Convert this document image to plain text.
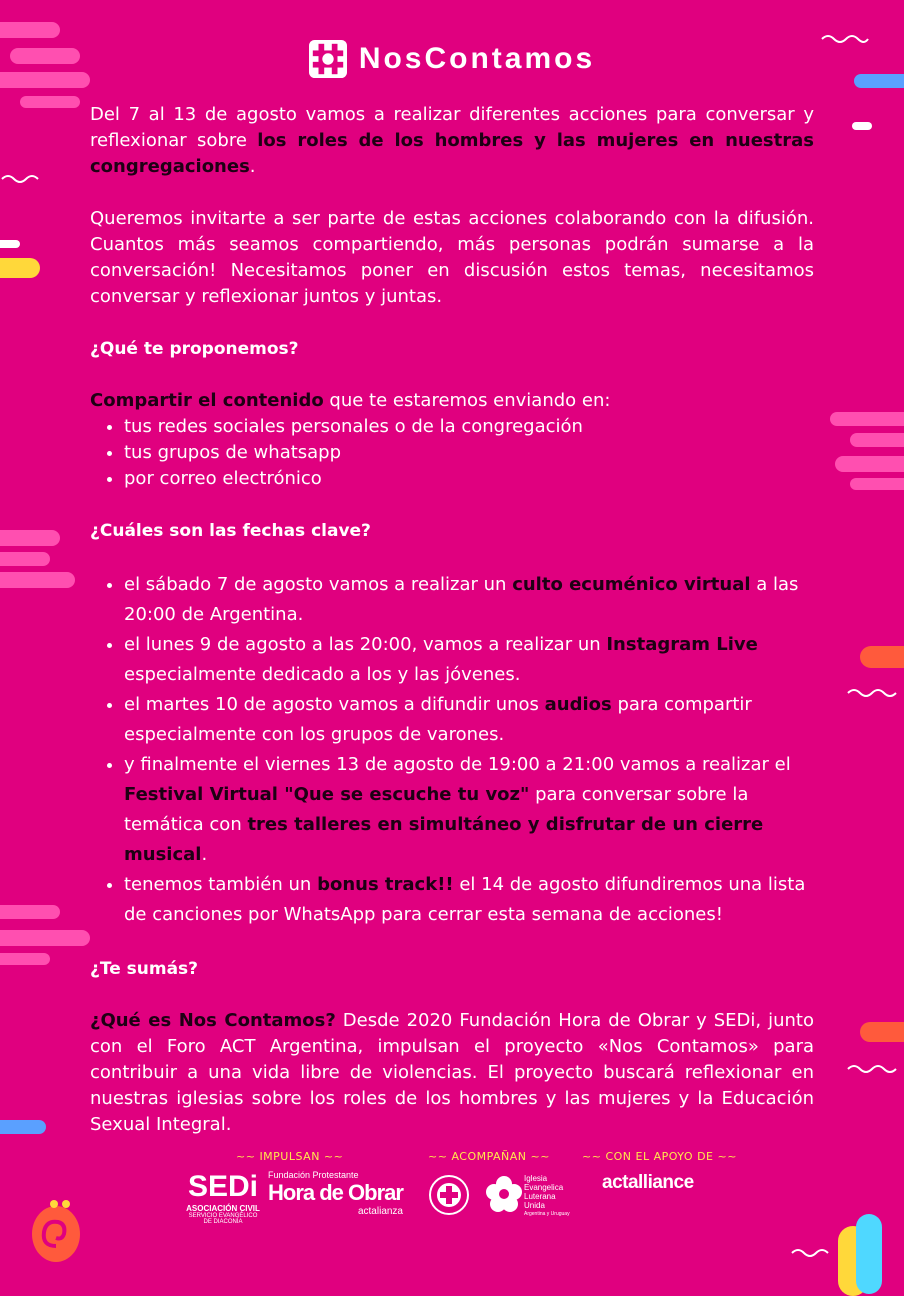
NosContamos

Del 7 al 13 de agosto vamos a realizar diferentes acciones para conversar y reflexionar sobre los roles de los hombres y las mujeres en nuestras congregaciones.

Queremos invitarte a ser parte de estas acciones colaborando con la difusión. Cuantos más seamos compartiendo, más personas podrán sumarse a la conversación! Necesitamos poner en discusión estos temas, necesitamos conversar y reflexionar juntos y juntas.

¿Qué te proponemos?

Compartir el contenido que te estaremos enviando en:

• tus redes sociales personales o de la congregación
• tus grupos de whatsapp
• por correo electrónico

¿Cuáles son las fechas clave?

• el sábado 7 de agosto vamos a realizar un culto ecuménico virtual a las 20:00 de Argentina.
• el lunes 9 de agosto a las 20:00, vamos a realizar un Instagram Live especialmente dedicado a los y las jóvenes.
• el martes 10 de agosto vamos a difundir unos audios para compartir especialmente con los grupos de varones.
• y finalmente el viernes 13 de agosto de 19:00 a 21:00 vamos a realizar el Festival Virtual "Que se escuche tu voz" para conversar sobre la temática con tres talleres en simultáneo y disfrutar de un cierre musical.
• tenemos también un bonus track!! el 14 de agosto difundiremos una lista de canciones por WhatsApp para cerrar esta semana de acciones!

¿Te sumás?

¿Qué es Nos Contamos? Desde 2020 Fundación Hora de Obrar y SEDi, junto con el Foro ACT Argentina, impulsan el proyecto «Nos Contamos» para contribuir a una vida libre de violencias. El proyecto buscará reflexionar en nuestras iglesias sobre los roles de los hombres y las mujeres y la Educación Sexual Integral.

~~ IMPULSAN ~~	~~ ACOMPAÑAN ~~	~~ CON EL APOYO DE ~~
SEDi
ASOCIACIÓN CIVIL
SERVICIO EVANGÉLICO
DE DIACONÍA
Fundación Protestante
Hora de Obrar
actalianza
Iglesia
Evangelica
Luterana
Unida
Argentina y Uruguay
actalliance
